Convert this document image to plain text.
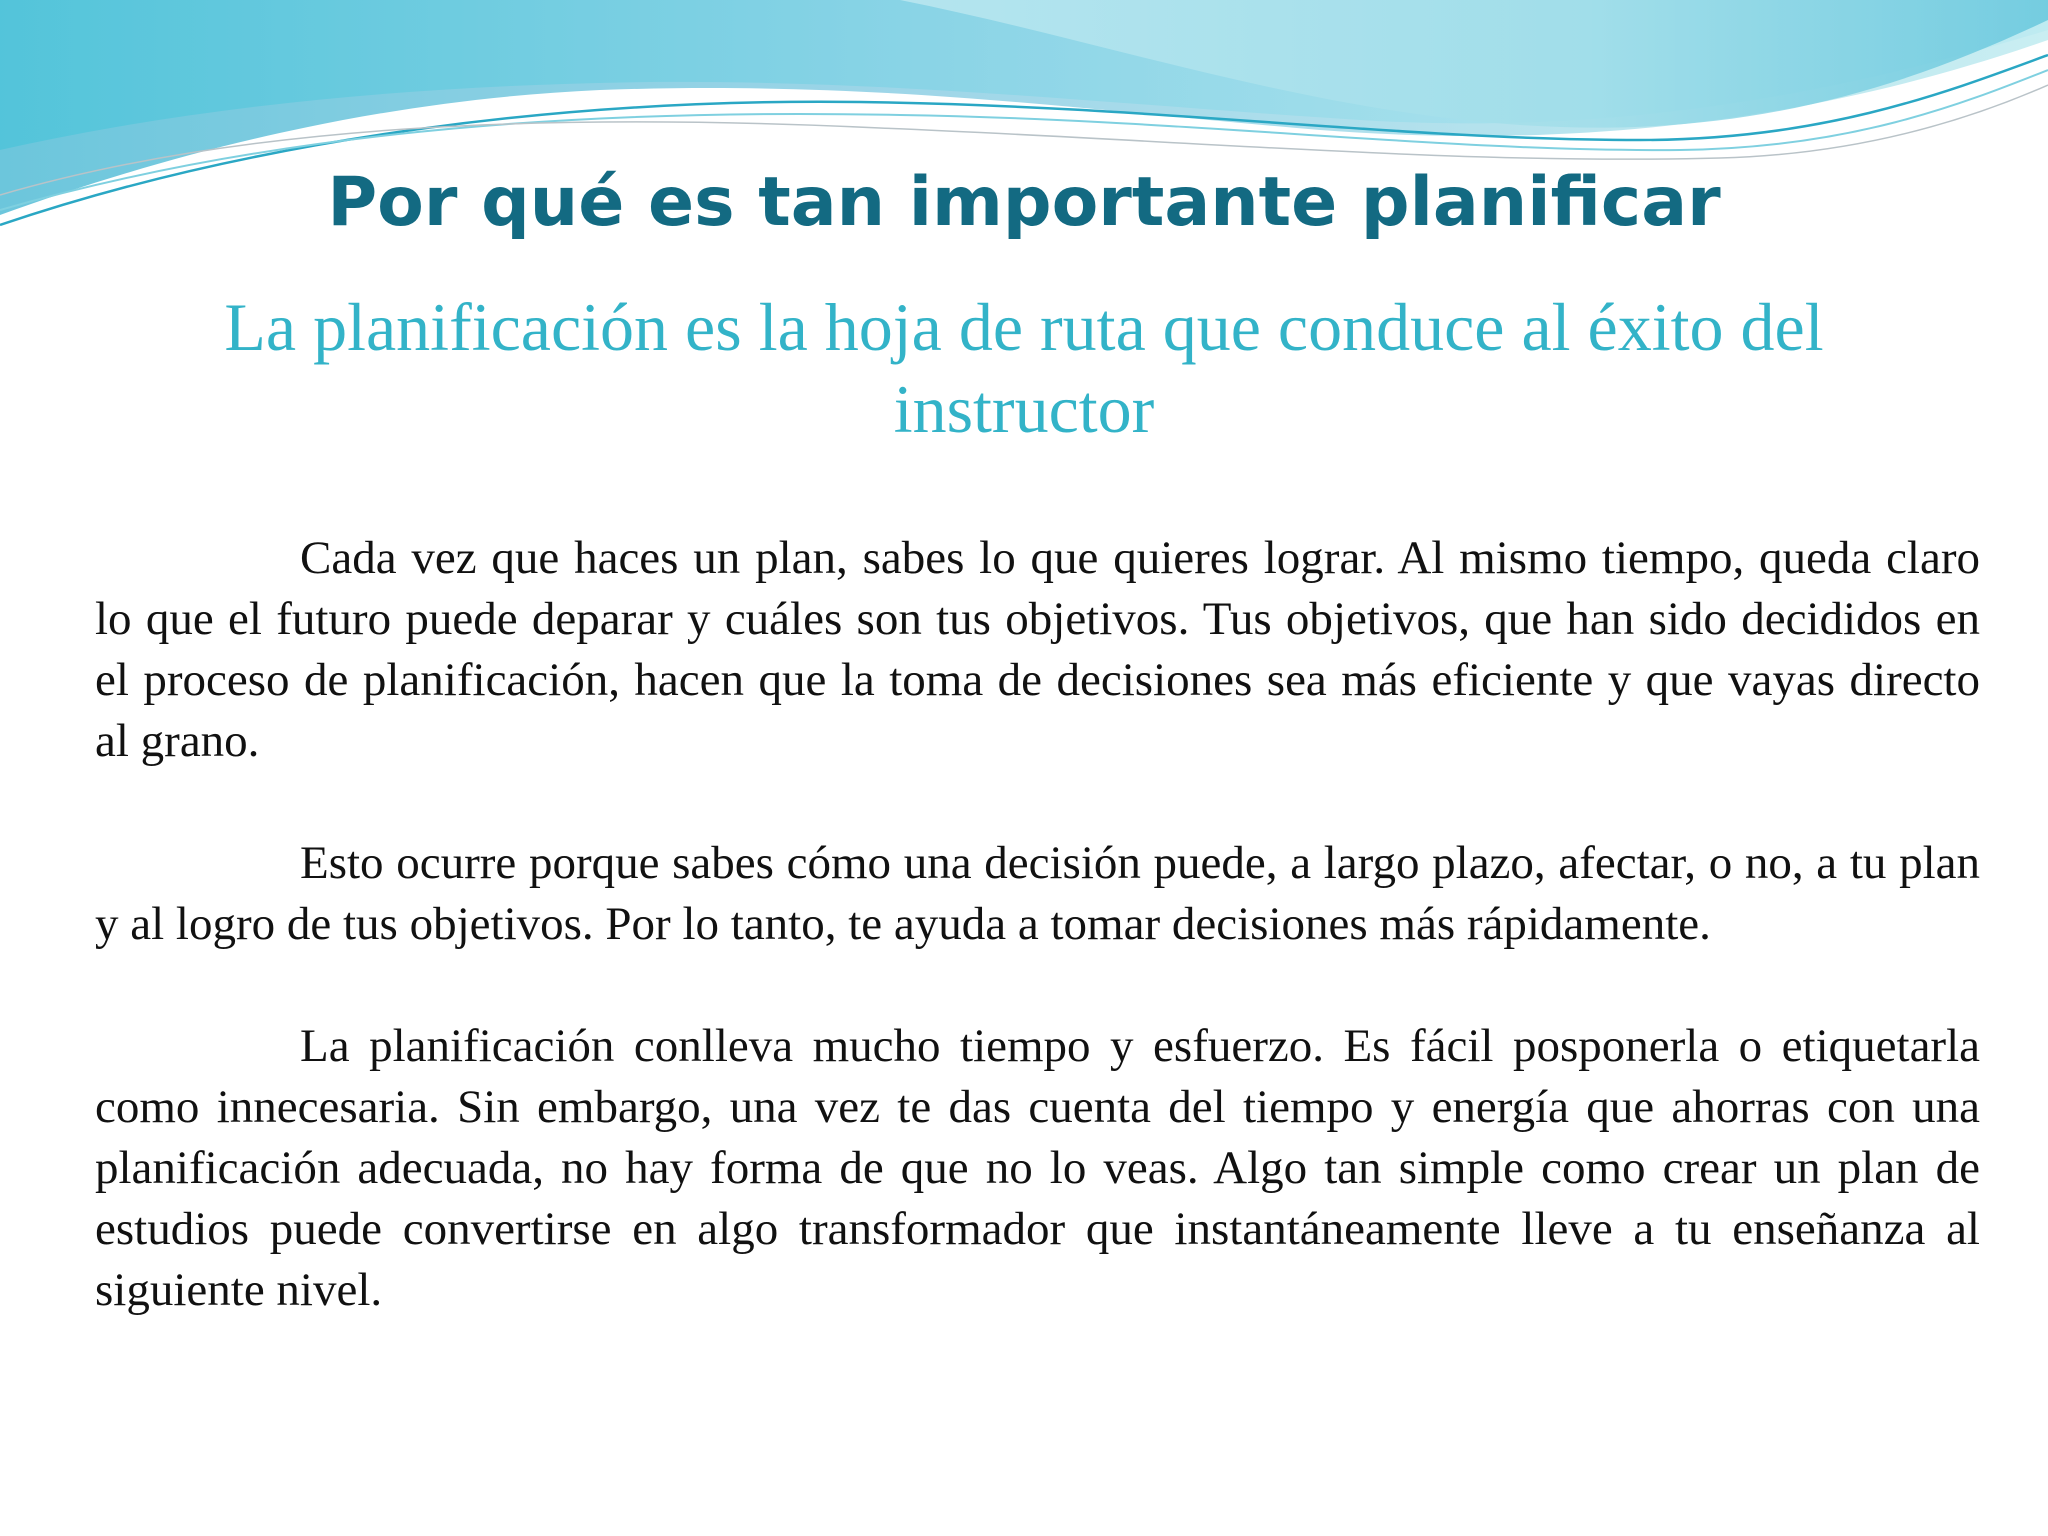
Por qué es tan importante planificar
La planificación es la hoja de ruta que conduce al éxito del instructor

Cada vez que haces un plan, sabes lo que quieres lograr. Al mismo tiempo, queda claro lo que el futuro puede deparar y cuáles son tus objetivos. Tus objetivos, que han sido decididos en el proceso de planificación, hacen que la toma de decisiones sea más eficiente y que vayas directo al grano.

Esto ocurre porque sabes cómo una decisión puede, a largo plazo, afectar, o no, a tu plan y al logro de tus objetivos. Por lo tanto, te ayuda a tomar decisiones más rápidamente.

La planificación conlleva mucho tiempo y esfuerzo. Es fácil posponerla o etiquetarla como innecesaria. Sin embargo, una vez te das cuenta del tiempo y energía que ahorras con una planificación adecuada, no hay forma de que no lo veas. Algo tan simple como crear un plan de estudios puede convertirse en algo transformador que instantáneamente lleve a tu enseñanza al siguiente nivel.
